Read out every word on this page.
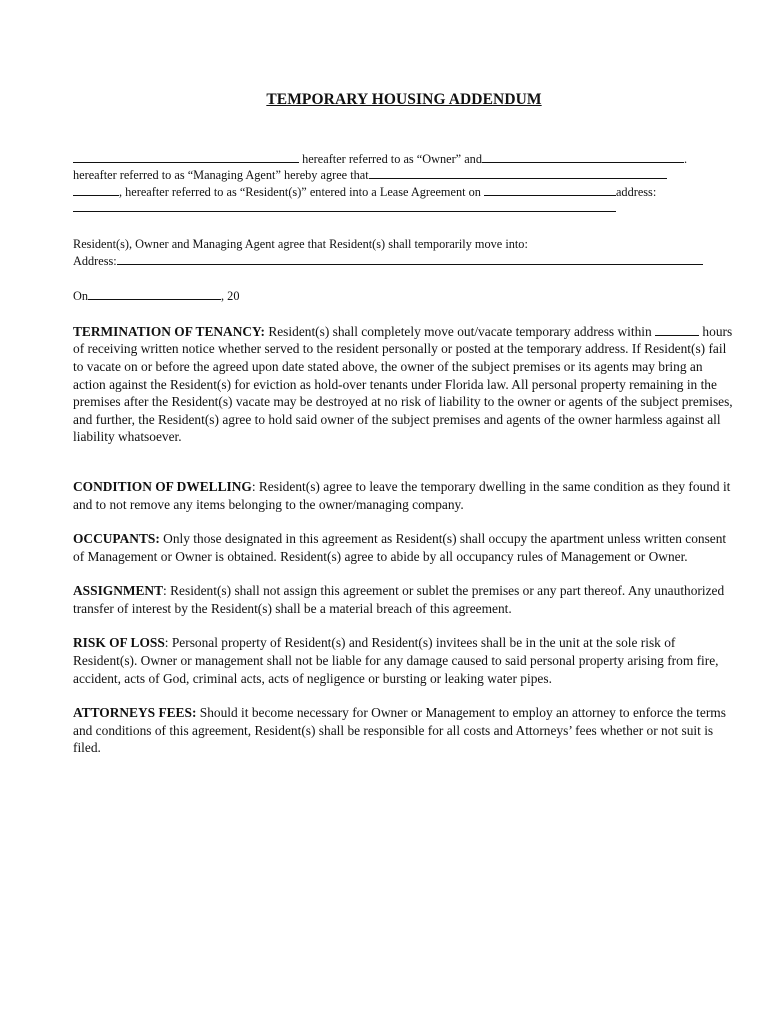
TEMPORARY HOUSING ADDENDUM
hereafter referred to as “Owner” and	.
hereafter referred to as “Managing Agent” hereby agree that
, hereafter referred to as “Resident(s)” entered into a Lease Agreement on	address:
Resident(s), Owner and Managing Agent agree that Resident(s) shall temporarily move into:
Address:
On	, 20
TERMINATION OF TENANCY: Resident(s) shall completely move out/vacate temporary address within	hours of receiving written notice whether served to the resident personally or posted at the temporary address. If Resident(s) fail to vacate on or before the agreed upon date stated above, the owner of the subject premises or its agents may bring an action against the Resident(s) for eviction as hold-over tenants under Florida law. All personal property remaining in the premises after the Resident(s) vacate may be destroyed at no risk of liability to the owner or agents of the subject premises, and further, the Resident(s) agree to hold said owner of the subject premises and agents of the owner harmless against all liability whatsoever.
CONDITION OF DWELLING: Resident(s) agree to leave the temporary dwelling in the same condition as they found it and to not remove any items belonging to the owner/managing company.
OCCUPANTS: Only those designated in this agreement as Resident(s) shall occupy the apartment unless written consent of Management or Owner is obtained. Resident(s) agree to abide by all occupancy rules of Management or Owner.
ASSIGNMENT: Resident(s) shall not assign this agreement or sublet the premises or any part thereof. Any unauthorized transfer of interest by the Resident(s) shall be a material breach of this agreement.
RISK OF LOSS: Personal property of Resident(s) and Resident(s) invitees shall be in the unit at the sole risk of Resident(s). Owner or management shall not be liable for any damage caused to said personal property arising from fire, accident, acts of God, criminal acts, acts of negligence or bursting or leaking water pipes.
ATTORNEYS FEES: Should it become necessary for Owner or Management to employ an attorney to enforce the terms and conditions of this agreement, Resident(s) shall be responsible for all costs and Attorneys’ fees whether or not suit is filed.
